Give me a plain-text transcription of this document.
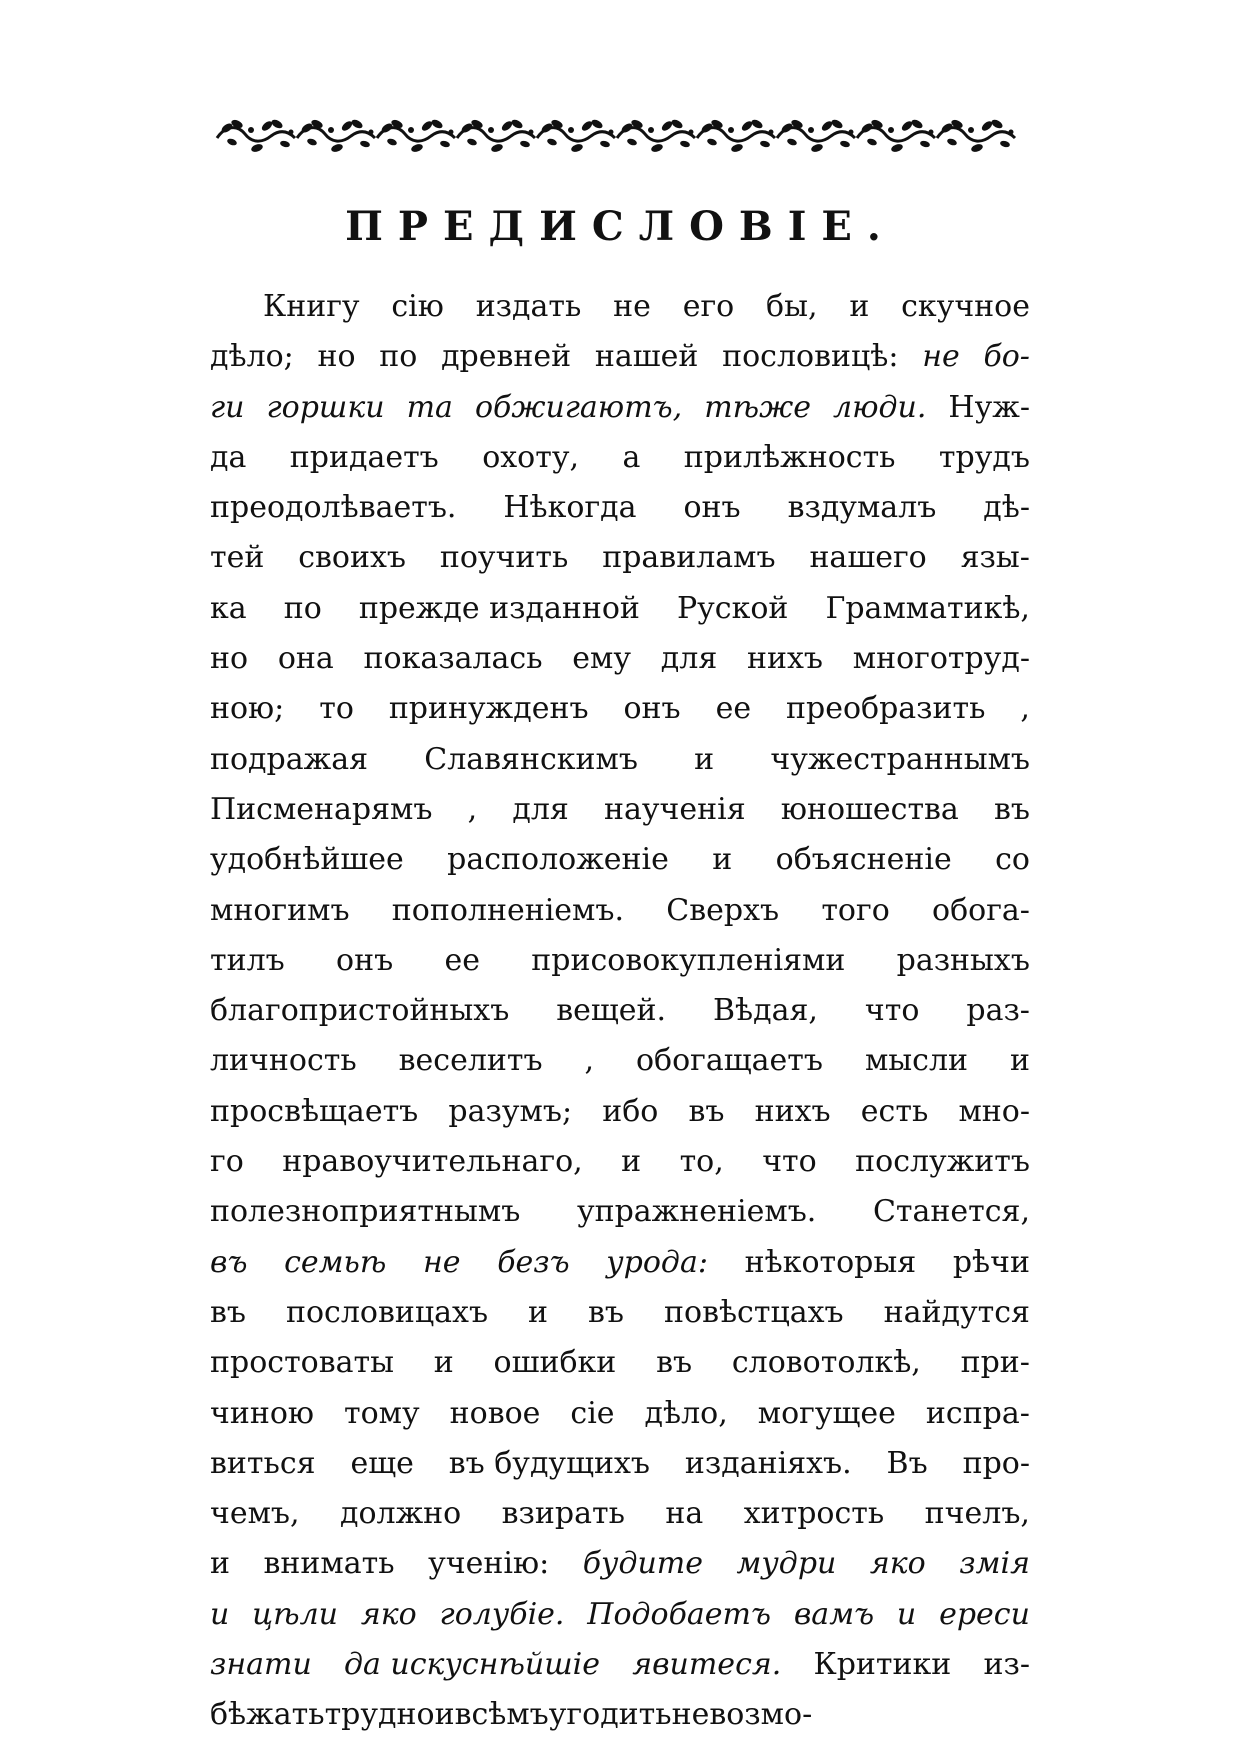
ПРЕДИСЛОВІЕ.
Книгу сію издать не его бы, и скучное
дѣло; но по древней нашей пословицѣ: не бо-
ги горшки та обжигаютъ, тѣже люди. Нуж-
да придаетъ охоту, а прилѣжность трудъ
преодолѣваетъ. Нѣкогда онъ вздумалъ дѣ-
тей своихъ поучить правиламъ нашего язы-
ка по прежде изданной Руской Грамматикѣ,
но она показалась ему для нихъ многотруд-
ною; то принужденъ онъ ее преобразить ,
подражая Славянскимъ и чужестраннымъ
Писменарямъ , для наученія юношества въ
удобнѣйшее расположеніе и объясненіе со
многимъ пополненіемъ. Сверхъ того обога-
тилъ онъ ее присовокупленіями разныхъ
благопристойныхъ вещей. Вѣдая, что раз-
личность веселитъ , обогащаетъ мысли и
просвѣщаетъ разумъ; ибо въ нихъ есть мно-
го нравоучительнаго, и то, что послужитъ
полезноприятнымъ упражненіемъ. Станется,
въ семьѣ не безъ урода: нѣкоторыя рѣчи
въ пословицахъ и въ повѣстцахъ найдутся
простоваты и ошибки въ словотолкѣ, при-
чиною тому новое сіе дѣло, могущее испра-
виться еще въ будущихъ изданіяхъ. Въ про-
чемъ, должно взирать на хитрость пчелъ,
и внимать ученію: будите мудри яко змія
и цѣли яко голубіе. Подобаетъ вамъ и ереси
знати да искуснѣйшіе явитеся. Критики из-
бѣжать трудно и всѣмъ угодить невозмо-
